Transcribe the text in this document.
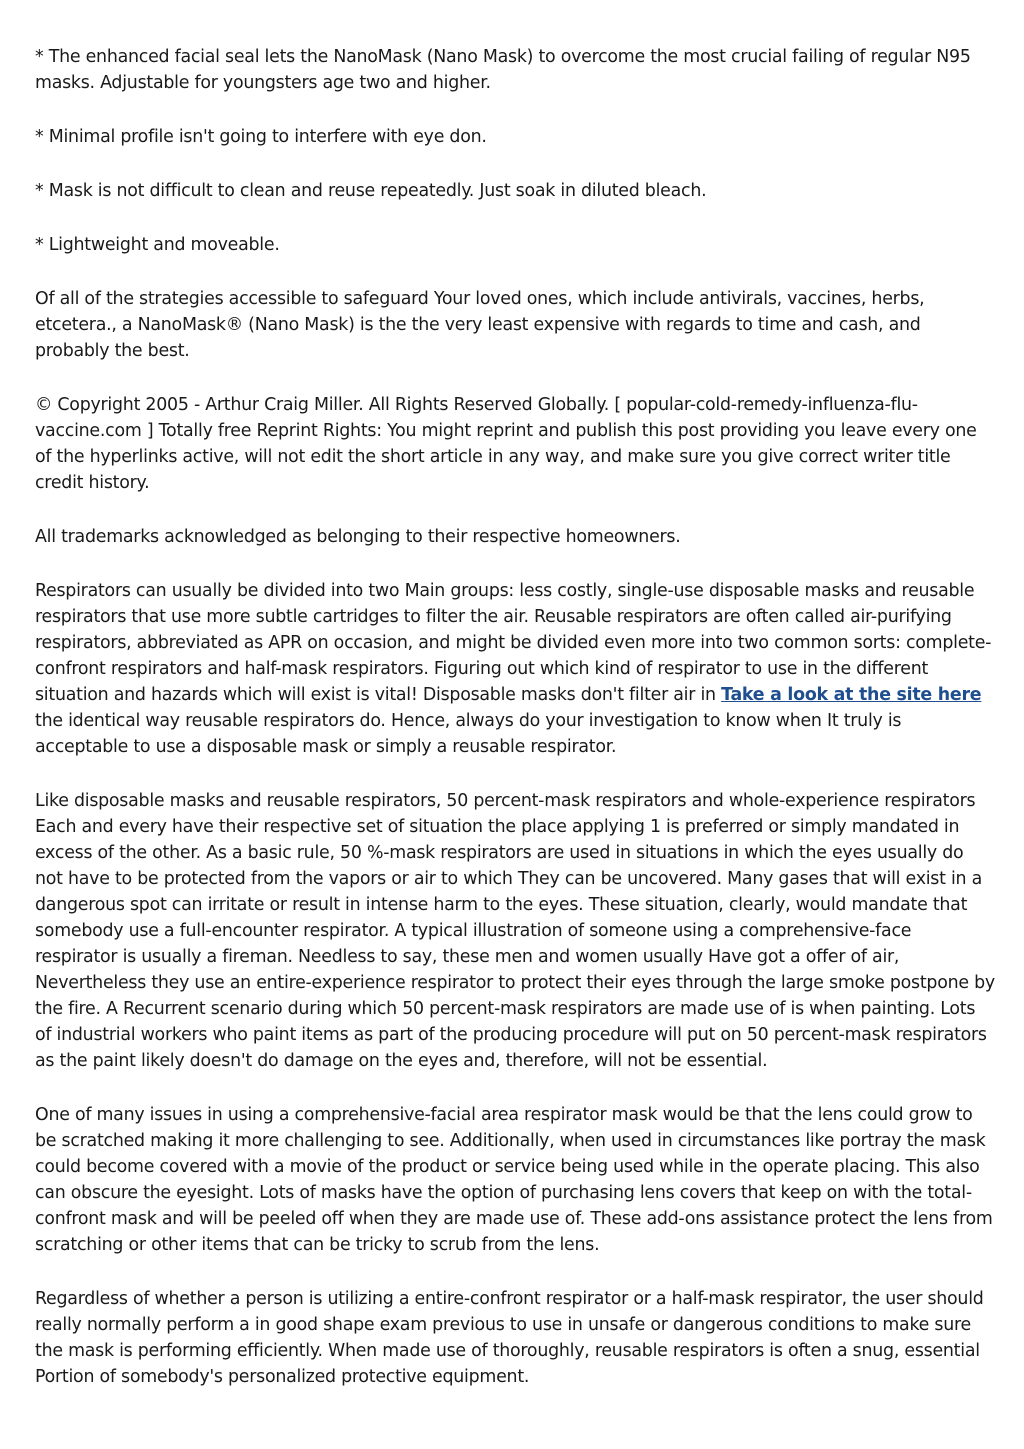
* The enhanced facial seal lets the NanoMask (Nano Mask) to overcome the most crucial failing of regular N95 masks. Adjustable for youngsters age two and higher.

* Minimal profile isn't going to interfere with eye don.

* Mask is not difficult to clean and reuse repeatedly. Just soak in diluted bleach.

* Lightweight and moveable.

Of all of the strategies accessible to safeguard Your loved ones, which include antivirals, vaccines, herbs, etcetera., a NanoMask® (Nano Mask) is the the very least expensive with regards to time and cash, and probably the best.

© Copyright 2005 - Arthur Craig Miller. All Rights Reserved Globally. [ popular-cold-remedy-influenza-flu-vaccine.com ] Totally free Reprint Rights: You might reprint and publish this post providing you leave every one of the hyperlinks active, will not edit the short article in any way, and make sure you give correct writer title credit history.

All trademarks acknowledged as belonging to their respective homeowners.

Respirators can usually be divided into two Main groups: less costly, single-use disposable masks and reusable respirators that use more subtle cartridges to filter the air. Reusable respirators are often called air-purifying respirators, abbreviated as APR on occasion, and might be divided even more into two common sorts: complete-confront respirators and half-mask respirators. Figuring out which kind of respirator to use in the different situation and hazards which will exist is vital! Disposable masks don't filter air in Take a look at the site here the identical way reusable respirators do. Hence, always do your investigation to know when It truly is acceptable to use a disposable mask or simply a reusable respirator.

Like disposable masks and reusable respirators, 50 percent-mask respirators and whole-experience respirators Each and every have their respective set of situation the place applying 1 is preferred or simply mandated in excess of the other. As a basic rule, 50 %-mask respirators are used in situations in which the eyes usually do not have to be protected from the vapors or air to which They can be uncovered. Many gases that will exist in a dangerous spot can irritate or result in intense harm to the eyes. These situation, clearly, would mandate that somebody use a full-encounter respirator. A typical illustration of someone using a comprehensive-face respirator is usually a fireman. Needless to say, these men and women usually Have got a offer of air, Nevertheless they use an entire-experience respirator to protect their eyes through the large smoke postpone by the fire. A Recurrent scenario during which 50 percent-mask respirators are made use of is when painting. Lots of industrial workers who paint items as part of the producing procedure will put on 50 percent-mask respirators as the paint likely doesn't do damage on the eyes and, therefore, will not be essential.

One of many issues in using a comprehensive-facial area respirator mask would be that the lens could grow to be scratched making it more challenging to see. Additionally, when used in circumstances like portray the mask could become covered with a movie of the product or service being used while in the operate placing. This also can obscure the eyesight. Lots of masks have the option of purchasing lens covers that keep on with the total-confront mask and will be peeled off when they are made use of. These add-ons assistance protect the lens from scratching or other items that can be tricky to scrub from the lens.

Regardless of whether a person is utilizing a entire-confront respirator or a half-mask respirator, the user should really normally perform a in good shape exam previous to use in unsafe or dangerous conditions to make sure the mask is performing efficiently. When made use of thoroughly, reusable respirators is often a snug, essential Portion of somebody's personalized protective equipment.
